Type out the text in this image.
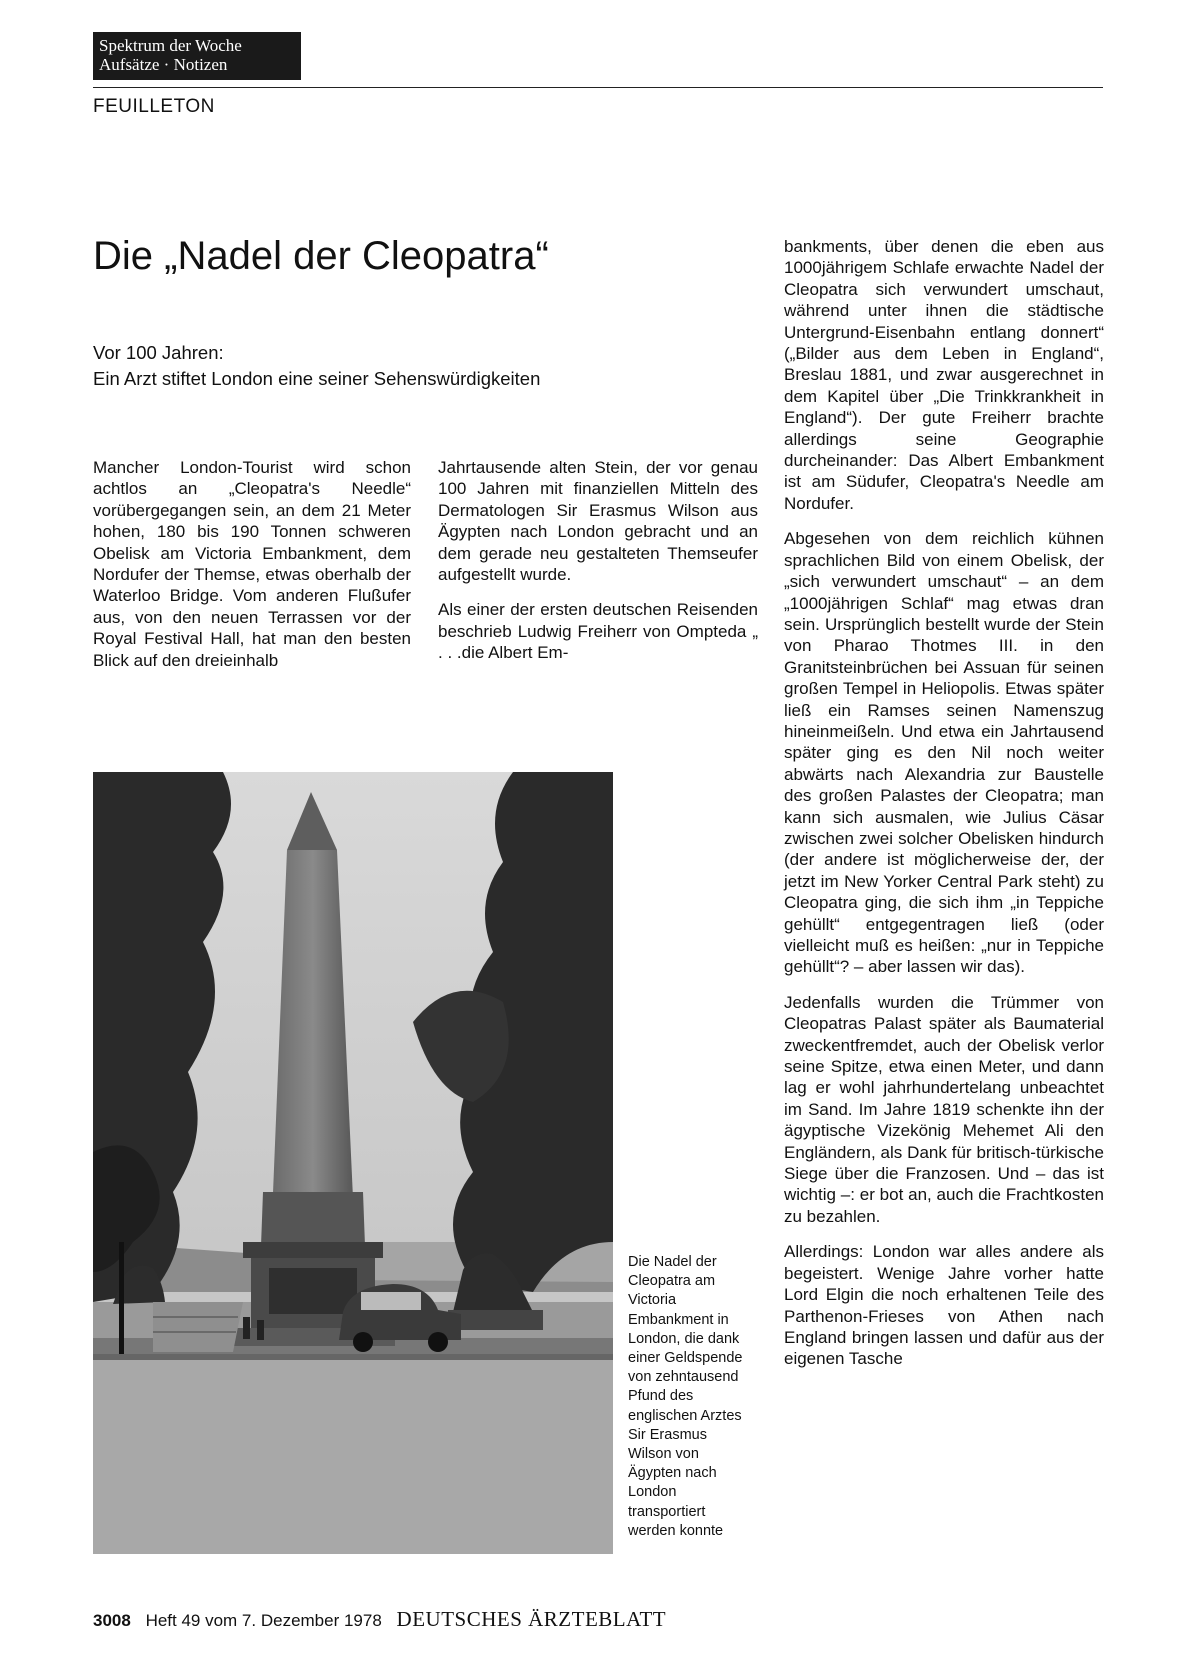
Spektrum der Woche
Aufsätze · Notizen
FEUILLETON
Die „Nadel der Cleopatra“
Vor 100 Jahren:
Ein Arzt stiftet London eine seiner Sehenswürdigkeiten

Mancher London-Tourist wird schon achtlos an „Cleopatra's Needle“ vorübergegangen sein, an dem 21 Meter hohen, 180 bis 190 Tonnen schweren Obelisk am Victoria Embankment, dem Nordufer der Themse, etwas oberhalb der Waterloo Bridge. Vom anderen Flußufer aus, von den neuen Terrassen vor der Royal Festival Hall, hat man den besten Blick auf den dreieinhalb

Jahrtausende alten Stein, der vor genau 100 Jahren mit finanziellen Mitteln des Dermatologen Sir Erasmus Wilson aus Ägypten nach London gebracht und an dem gerade neu gestalteten Themseufer aufgestellt wurde.

Als einer der ersten deutschen Reisenden beschrieb Ludwig Freiherr von Ompteda „ . . .die Albert Em-

bankments, über denen die eben aus 1000jährigem Schlafe erwachte Nadel der Cleopatra sich verwundert umschaut, während unter ihnen die städtische Untergrund-Eisenbahn entlang donnert“ („Bilder aus dem Leben in England“, Breslau 1881, und zwar ausgerechnet in dem Kapitel über „Die Trinkkrankheit in England“). Der gute Freiherr brachte allerdings seine Geographie durcheinander: Das Albert Embankment ist am Südufer, Cleopatra's Needle am Nordufer.

Abgesehen von dem reichlich kühnen sprachlichen Bild von einem Obelisk, der „sich verwundert umschaut“ – an dem „1000jährigen Schlaf“ mag etwas dran sein. Ursprünglich bestellt wurde der Stein von Pharao Thotmes III. in den Granitsteinbrüchen bei Assuan für seinen großen Tempel in Heliopolis. Etwas später ließ ein Ramses seinen Namenszug hineinmeißeln. Und etwa ein Jahrtausend später ging es den Nil noch weiter abwärts nach Alexandria zur Baustelle des großen Palastes der Cleopatra; man kann sich ausmalen, wie Julius Cäsar zwischen zwei solcher Obelisken hindurch (der andere ist möglicherweise der, der jetzt im New Yorker Central Park steht) zu Cleopatra ging, die sich ihm „in Teppiche gehüllt“ entgegentragen ließ (oder vielleicht muß es heißen: „nur in Teppiche gehüllt“? – aber lassen wir das).

Jedenfalls wurden die Trümmer von Cleopatras Palast später als Baumaterial zweckentfremdet, auch der Obelisk verlor seine Spitze, etwa einen Meter, und dann lag er wohl jahrhundertelang unbeachtet im Sand. Im Jahre 1819 schenkte ihn der ägyptische Vizekönig Mehemet Ali den Engländern, als Dank für britisch-türkische Siege über die Franzosen. Und – das ist wichtig –: er bot an, auch die Frachtkosten zu bezahlen.

Allerdings: London war alles andere als begeistert. Wenige Jahre vorher hatte Lord Elgin die noch erhaltenen Teile des Parthenon-Frieses von Athen nach England bringen lassen und dafür aus der eigenen Tasche

Die Nadel der Cleopatra am Victoria Embankment in London, die dank einer Geldspende von zehntausend Pfund des englischen Arztes Sir Erasmus Wilson von Ägypten nach London transportiert werden konnte
3008 Heft 49 vom 7. Dezember 1978 DEUTSCHES ÄRZTEBLATT
